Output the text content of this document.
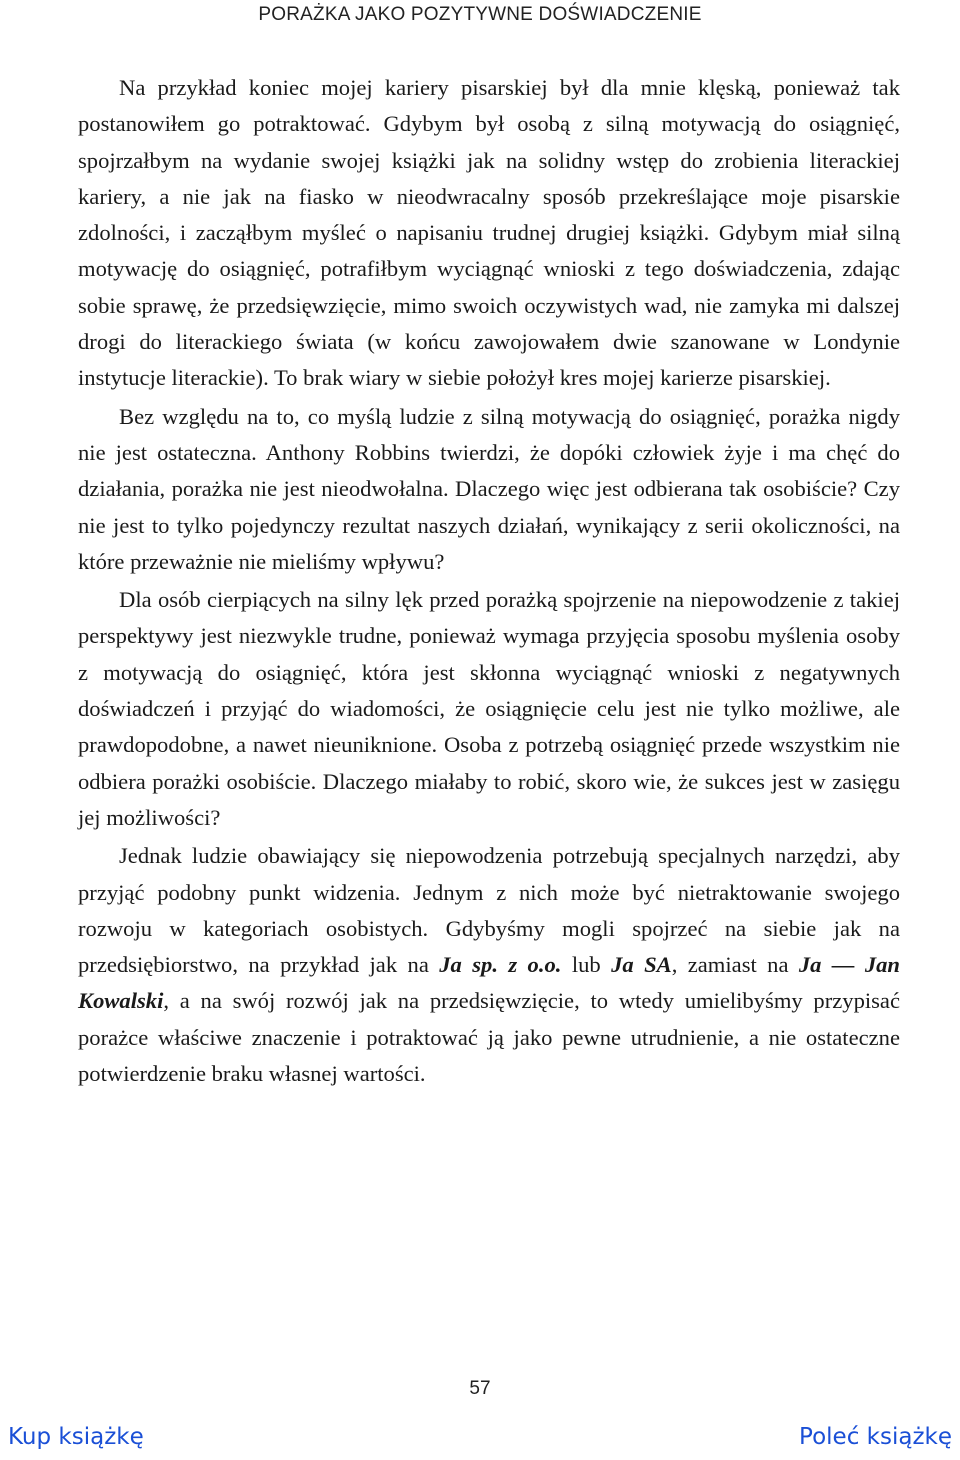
PORAŻKA JAKO POZYTYWNE DOŚWIADCZENIE

Na przykład koniec mojej kariery pisarskiej był dla mnie klęską, ponieważ tak postanowiłem go potraktować. Gdybym był osobą z silną motywacją do osiągnięć, spojrzałbym na wydanie swojej książki jak na solidny wstęp do zrobienia literackiej kariery, a nie jak na fiasko w nieodwracalny sposób przekreślające moje pisarskie zdolności, i zacząłbym myśleć o napisaniu trudnej drugiej książki. Gdybym miał silną motywację do osiągnięć, potrafiłbym wyciągnąć wnioski z tego doświadczenia, zdając sobie sprawę, że przedsięwzięcie, mimo swoich oczywistych wad, nie zamyka mi dalszej drogi do literackiego świata (w końcu zawojowałem dwie szanowane w Londynie instytucje literackie). To brak wiary w siebie położył kres mojej karierze pisarskiej.

Bez względu na to, co myślą ludzie z silną motywacją do osiągnięć, porażka nigdy nie jest ostateczna. Anthony Robbins twierdzi, że dopóki człowiek żyje i ma chęć do działania, porażka nie jest nieodwołalna. Dlaczego więc jest odbierana tak osobiście? Czy nie jest to tylko pojedynczy rezultat naszych działań, wynikający z serii okoliczności, na które przeważnie nie mieliśmy wpływu?

Dla osób cierpiących na silny lęk przed porażką spojrzenie na niepowodzenie z takiej perspektywy jest niezwykle trudne, ponieważ wymaga przyjęcia sposobu myślenia osoby z motywacją do osiągnięć, która jest skłonna wyciągnąć wnioski z negatywnych doświadczeń i przyjąć do wiadomości, że osiągnięcie celu jest nie tylko możliwe, ale prawdopodobne, a nawet nieuniknione. Osoba z potrzebą osiągnięć przede wszystkim nie odbiera porażki osobiście. Dlaczego miałaby to robić, skoro wie, że sukces jest w zasięgu jej możliwości?

Jednak ludzie obawiający się niepowodzenia potrzebują specjalnych narzędzi, aby przyjąć podobny punkt widzenia. Jednym z nich może być nietraktowanie swojego rozwoju w kategoriach osobistych. Gdybyśmy mogli spojrzeć na siebie jak na przedsiębiorstwo, na przykład jak na Ja sp. z o.o. lub Ja SA, zamiast na Ja — Jan Kowalski, a na swój rozwój jak na przedsięwzięcie, to wtedy umielibyśmy przypisać porażce właściwe znaczenie i potraktować ją jako pewne utrudnienie, a nie ostateczne potwierdzenie braku własnej wartości.

57
Kup książkę	Poleć książkę
